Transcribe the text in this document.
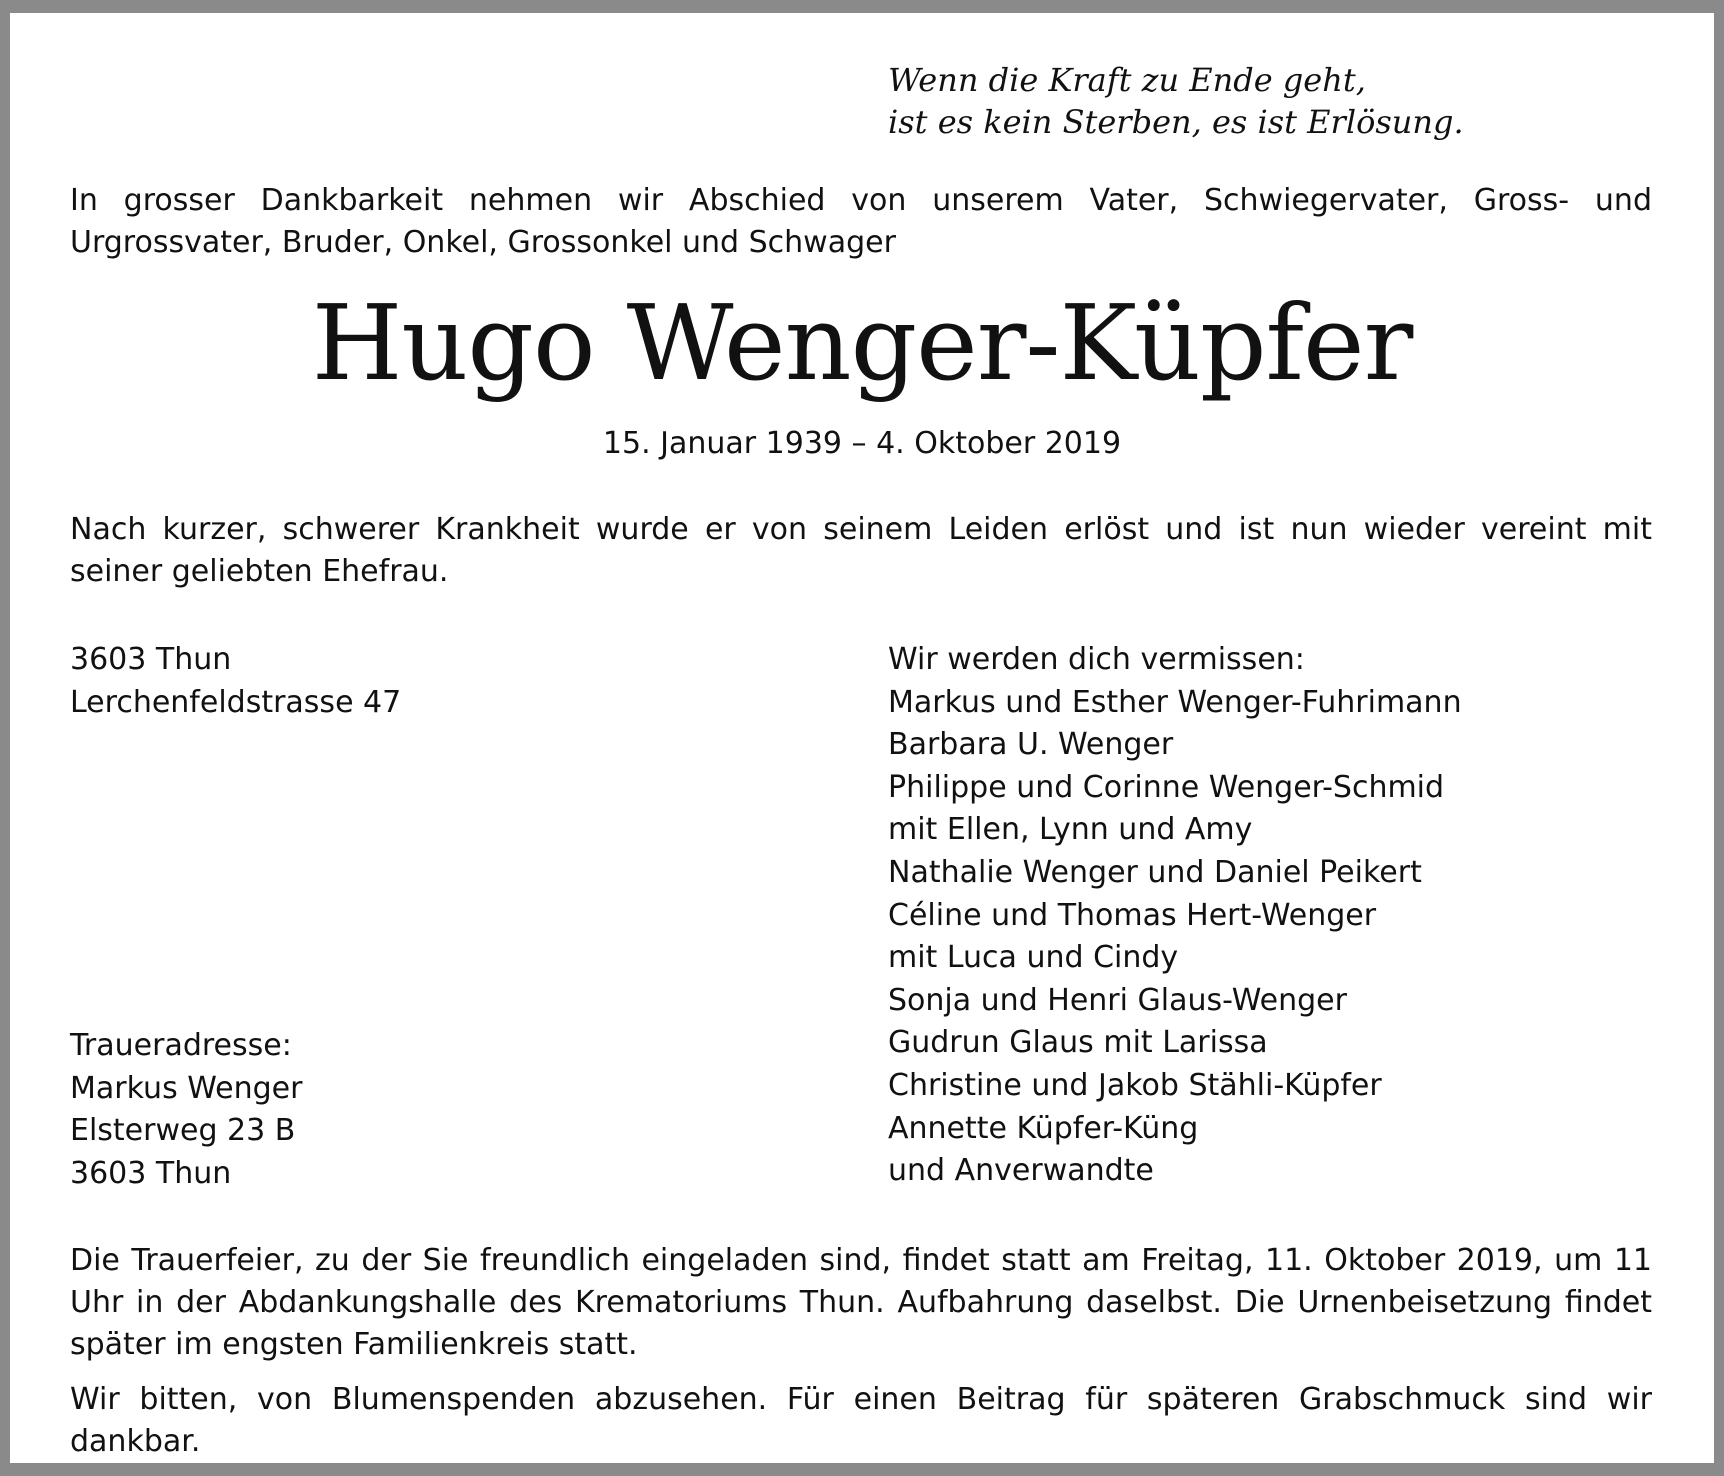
Wenn die Kraft zu Ende geht,
ist es kein Sterben, es ist Erlösung.
In grosser Dankbarkeit nehmen wir Abschied von unserem Vater, Schwiegervater, Gross- und Urgrossvater, Bruder, Onkel, Grossonkel und Schwager
Hugo Wenger-Küpfer
15. Januar 1939 – 4. Oktober 2019
Nach kurzer, schwerer Krankheit wurde er von seinem Leiden erlöst und ist nun wieder vereint mit seiner geliebten Ehefrau.
3603 Thun
Lerchenfeldstrasse 47
Traueradresse:
Markus Wenger
Elsterweg 23 B
3603 Thun
Wir werden dich vermissen:
Markus und Esther Wenger-Fuhrimann
Barbara U. Wenger
Philippe und Corinne Wenger-Schmid
mit Ellen, Lynn und Amy
Nathalie Wenger und Daniel Peikert
Céline und Thomas Hert-Wenger
mit Luca und Cindy
Sonja und Henri Glaus-Wenger
Gudrun Glaus mit Larissa
Christine und Jakob Stähli-Küpfer
Annette Küpfer-Küng
und Anverwandte
Die Trauerfeier, zu der Sie freundlich eingeladen sind, findet statt am Freitag, 11. Oktober 2019, um 11 Uhr in der Abdankungshalle des Krematoriums Thun. Aufbahrung daselbst. Die Urnenbeisetzung findet später im engsten Familienkreis statt.
Wir bitten, von Blumenspenden abzusehen. Für einen Beitrag für späteren Grabschmuck sind wir dankbar.
